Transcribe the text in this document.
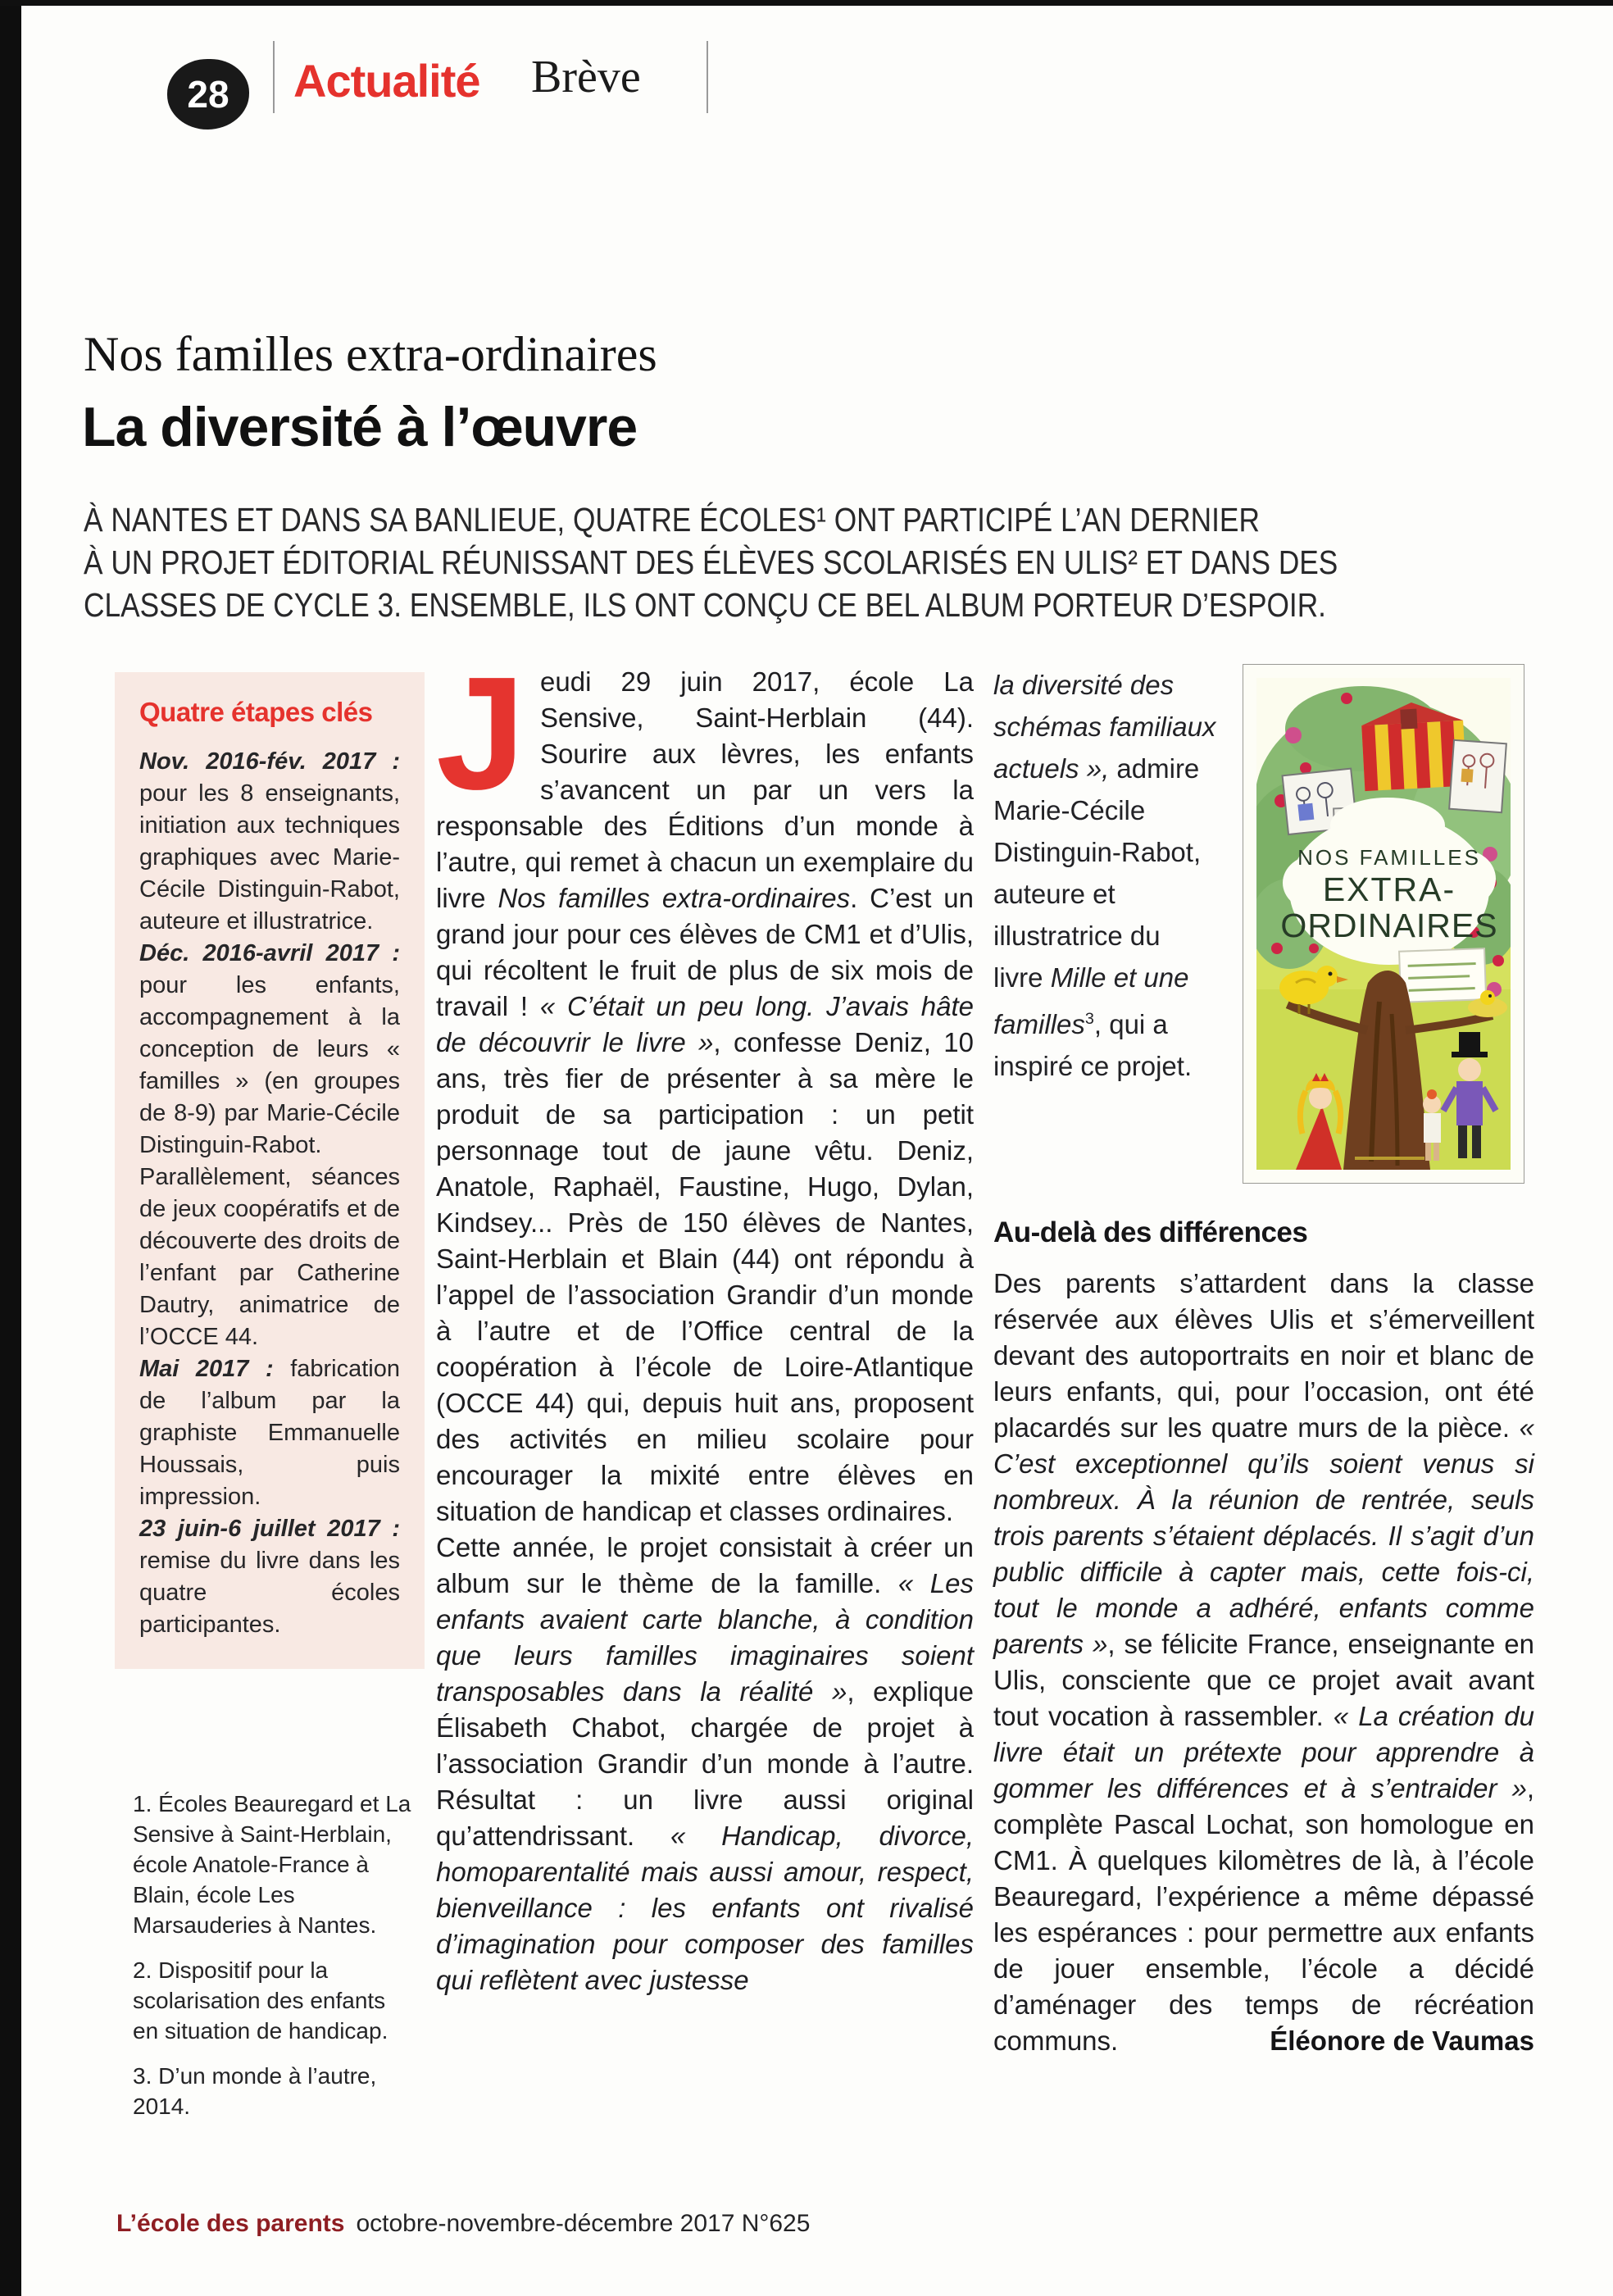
28 Actualité Brève
Nos familles extra-ordinaires
La diversité à l’œuvre
À NANTES ET DANS SA BANLIEUE, QUATRE ÉCOLES¹ ONT PARTICIPÉ L’AN DERNIER
À UN PROJET ÉDITORIAL RÉUNISSANT DES ÉLÈVES SCOLARISÉS EN ULIS² ET DANS DES
CLASSES DE CYCLE 3. ENSEMBLE, ILS ONT CONÇU CE BEL ALBUM PORTEUR D’ESPOIR.
Quatre étapes clés

Nov. 2016-fév. 2017 : pour les 8 enseignants, initiation aux techniques graphiques avec Marie-Cécile Distinguin-Rabot, auteure et illustratrice.

Déc. 2016-avril 2017 : pour les enfants, accompagnement à la conception de leurs « familles » (en groupes de 8-9) par Marie-Cécile Distinguin-Rabot. Parallèlement, séances de jeux coopératifs et de découverte des droits de l’enfant par Catherine Dautry, animatrice de l’OCCE 44.

Mai 2017 : fabrication de l’album par la graphiste Emmanuelle Houssais, puis impression.

23 juin-6 juillet 2017 : remise du livre dans les quatre écoles participantes.

1. Écoles Beauregard et La Sensive à Saint-Herblain, école Anatole-France à Blain, école Les Marsauderies à Nantes.

2. Dispositif pour la scolarisation des enfants en situation de handicap.

3. D’un monde à l’autre, 2014.

Jeudi 29 juin 2017, école La Sensive, Saint-Herblain (44). Sourire aux lèvres, les enfants s’avancent un par un vers la responsable des Éditions d’un monde à l’autre, qui remet à chacun un exemplaire du livre Nos familles extra-ordinaires. C’est un grand jour pour ces élèves de CM1 et d’Ulis, qui récoltent le fruit de plus de six mois de travail ! « C’était un peu long. J’avais hâte de découvrir le livre », confesse Deniz, 10 ans, très fier de présenter à sa mère le produit de sa participation : un petit personnage tout de jaune vêtu. Deniz, Anatole, Raphaël, Faustine, Hugo, Dylan, Kindsey... Près de 150 élèves de Nantes, Saint-Herblain et Blain (44) ont répondu à l’appel de l’association Grandir d’un monde à l’autre et de l’Office central de la coopération à l’école de Loire-Atlantique (OCCE 44) qui, depuis huit ans, proposent des activités en milieu scolaire pour encourager la mixité entre élèves en situation de handicap et classes ordinaires.

Cette année, le projet consistait à créer un album sur le thème de la famille. « Les enfants avaient carte blanche, à condition que leurs familles imaginaires soient transposables dans la réalité », explique Élisabeth Chabot, chargée de projet à l’association Grandir d’un monde à l’autre. Résultat : un livre aussi original qu’attendrissant. « Handicap, divorce, homoparentalité mais aussi amour, respect, bienveillance : les enfants ont rivalisé d’imagination pour composer des familles qui reflètent avec justesse

la diversité des schémas familiaux actuels », admire Marie-Cécile Distinguin-Rabot, auteure et illustratrice du livre Mille et une familles$^3$, qui a inspiré ce projet.
NOS FAMILLES
EXTRA-
ORDINAIRES
Au-delà des différences
Des parents s’attardent dans la classe réservée aux élèves Ulis et s’émerveillent devant des autoportraits en noir et blanc de leurs enfants, qui, pour l’occasion, ont été placardés sur les quatre murs de la pièce. « C’est exceptionnel qu’ils soient venus si nombreux. À la réunion de rentrée, seuls trois parents s’étaient déplacés. Il s’agit d’un public difficile à capter mais, cette fois-ci, tout le monde a adhéré, enfants comme parents », se félicite France, enseignante en Ulis, consciente que ce projet avait avant tout vocation à rassembler. « La création du livre était un prétexte pour apprendre à gommer les différences et à s’entraider », complète Pascal Lochat, son homologue en CM1. À quelques kilomètres de là, à l’école Beauregard, l’expérience a même dépassé les espérances : pour permettre aux enfants de jouer ensemble, l’école a décidé d’aménager des temps de récréation communs.	Éléonore de Vaumas
L’école des parents octobre-novembre-décembre 2017 N°625
